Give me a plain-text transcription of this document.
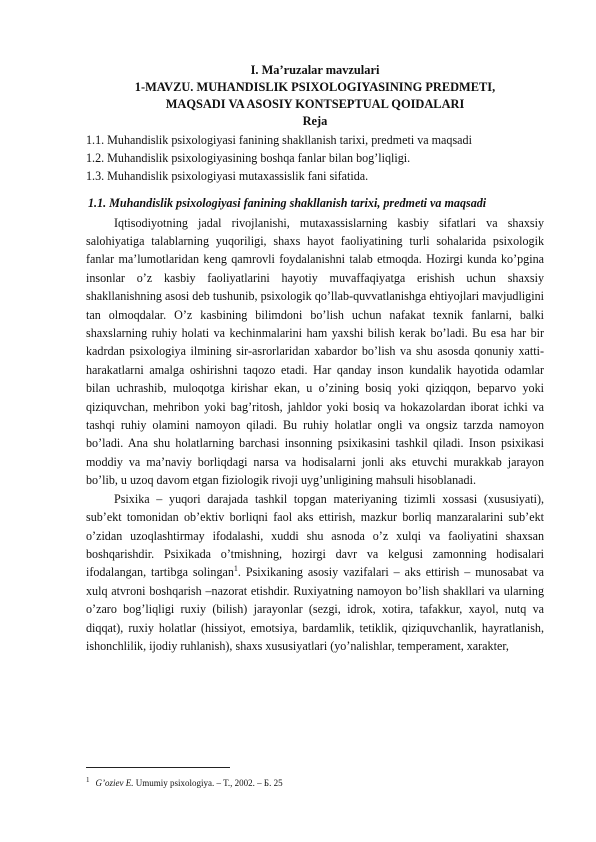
I. Ma’ruzalar mavzulari

1-MAVZU. MUHANDISLIK PSIXOLOGIYASINING PREDMETI,

MAQSADI VA ASOSIY KONTSEPTUAL QOIDALARI

Reja

1.1. Muhandislik psixologiyasi fanining shakllanish tarixi, predmeti va maqsadi
1.2. Muhandislik psixologiyasining boshqa fanlar bilan bog’liqligi.
1.3. Muhandislik psixologiyasi mutaxassislik fani sifatida.

1.1. Muhandislik psixologiyasi fanining shakllanish tarixi, predmeti va maqsadi

Iqtisodiyotning jadal rivojlanishi, mutaxassislarning kasbiy sifatlari va shaxsiy salohiyatiga talablarning yuqoriligi, shaxs hayot faoliyatining turli sohalarida psixologik fanlar ma’lumotlaridan keng qamrovli foydalanishni talab etmoqda. Hozirgi kunda ko’pgina insonlar o’z kasbiy faoliyatlarini hayotiy muvaffaqiyatga erishish uchun shaxsiy shakllanishning asosi deb tushunib, psixologik qo’llab-quvvatlanishga ehtiyojlari mavjudligini tan olmoqdalar. O’z kasbining bilimdoni bo’lish uchun nafakat texnik fanlarni, balki shaxslarning ruhiy holati va kechinmalarini ham yaxshi bilish kerak bo’ladi. Bu esa har bir kadrdan psixologiya ilmining sir-asrorlaridan xabardor bo’lish va shu asosda qonuniy xatti-harakatlarni amalga oshirishni taqozo etadi. Har qanday inson kundalik hayotida odamlar bilan uchrashib, muloqotga kirishar ekan, u o’zining bosiq yoki qiziqqon, beparvo yoki qiziquvchan, mehribon yoki bag’ritosh, jahldor yoki bosiq va hokazolardan iborat ichki va tashqi ruhiy olamini namoyon qiladi. Bu ruhiy holatlar ongli va ongsiz tarzda namoyon bo’ladi. Ana shu holatlarning barchasi insonning psixikasini tashkil qiladi. Inson psixikasi moddiy va ma’naviy borliqdagi narsa va hodisalarni jonli aks etuvchi murakkab jarayon bo’lib, u uzoq davom etgan fiziologik rivoji uyg’unligining mahsuli hisoblanadi.

Psixika – yuqori darajada tashkil topgan materiyaning tizimli xossasi (xususiyati), sub’ekt tomonidan ob’ektiv borliqni faol aks ettirish, mazkur borliq manzaralarini sub’ekt o’zidan uzoqlashtirmay ifodalashi, xuddi shu asnoda o’z xulqi va faoliyatini shaxsan boshqarishdir. Psixikada o’tmishning, hozirgi davr va kelgusi zamonning hodisalari ifodalangan, tartibga solingan$^1$. Psixikaning asosiy vazifalari – aks ettirish – munosabat va xulq atvroni boshqarish –nazorat etishdir. Ruxiyatning namoyon bo’lish shakllari va ularning o’zaro bog’liqligi ruxiy (bilish) jarayonlar (sezgi, idrok, xotira, tafakkur, xayol, nutq va diqqat), ruxiy holatlar (hissiyot, emotsiya, bardamlik, tetiklik, qiziquvchanlik, hayratlanish, ishonchlilik, ijodiy ruhlanish), shaxs xususiyatlari (yo’nalishlar, temperament, xarakter,

$^1$ G’oziev E. Umumiy psixologiya. – T., 2002. – Б. 25
